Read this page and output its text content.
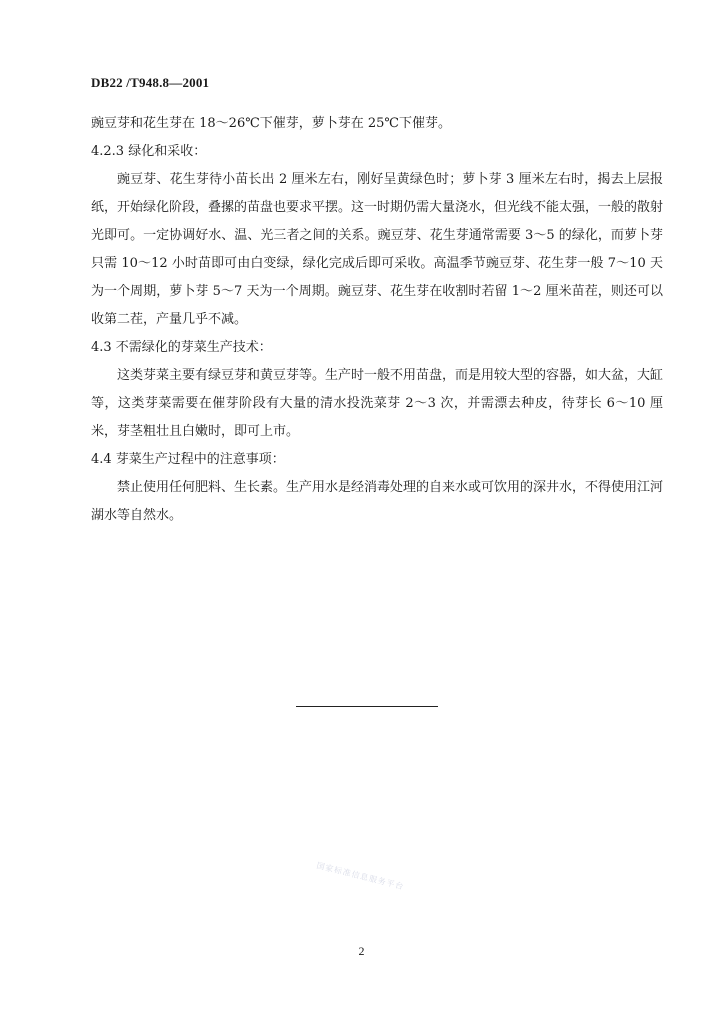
DB22 /T948.8—2001

豌豆芽和花生芽在 18～26℃下催芽，萝卜芽在 25℃下催芽。

4.2.3 绿化和采收：

豌豆芽、花生芽待小苗长出 2 厘米左右，刚好呈黄绿色时；萝卜芽 3 厘米左右时，揭去上层报纸，开始绿化阶段，叠摞的苗盘也要求平摆。这一时期仍需大量浇水，但光线不能太强，一般的散射光即可。一定协调好水、温、光三者之间的关系。豌豆芽、花生芽通常需要 3～5 的绿化，而萝卜芽只需 10～12 小时苗即可由白变绿，绿化完成后即可采收。高温季节豌豆芽、花生芽一般 7～10 天为一个周期，萝卜芽 5～7 天为一个周期。豌豆芽、花生芽在收割时若留 1～2 厘米苗茬，则还可以收第二茬，产量几乎不减。

4.3 不需绿化的芽菜生产技术：

这类芽菜主要有绿豆芽和黄豆芽等。生产时一般不用苗盘，而是用较大型的容器，如大盆，大缸等，这类芽菜需要在催芽阶段有大量的清水投洗菜芽 2～3 次，并需漂去种皮，待芽长 6～10 厘米，芽茎粗壮且白嫩时，即可上市。

4.4 芽菜生产过程中的注意事项：

禁止使用任何肥料、生长素。生产用水是经消毒处理的自来水或可饮用的深井水，不得使用江河湖水等自然水。

国家标准信息服务平台
2
